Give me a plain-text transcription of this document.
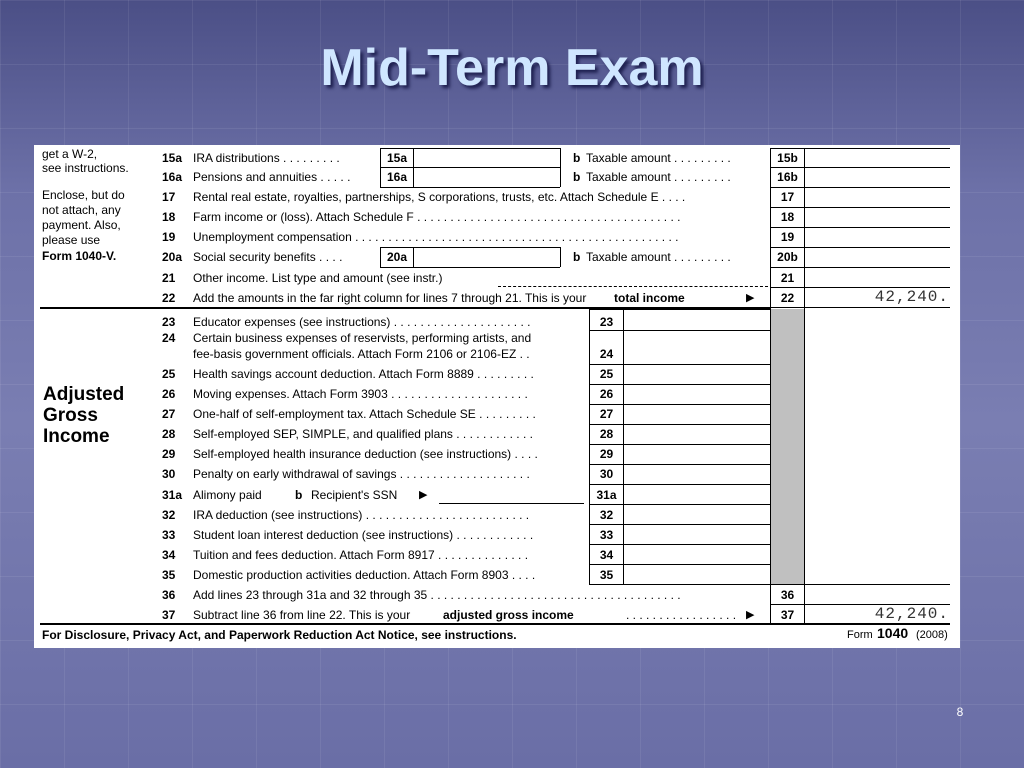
Mid-Term Exam
8
get a W-2,
see instructions.
Enclose, but do
not attach, any
payment. Also,
please use
Form 1040-V.
Adjusted
Gross
Income
15a IRA distributions . . . . . . . . .	15a	b Taxable amount . . . . . . . . .	15b
16a Pensions and annuities . . . . .	16a	b Taxable amount . . . . . . . . .	16b
17 Rental real estate, royalties, partnerships, S corporations, trusts, etc. Attach Schedule E . . . .	17
18 Farm income or (loss). Attach Schedule F . . . . . . . . . . . . . . . . . . . . . . . . . . . . . . . . . . . . . . . .	18
19 Unemployment compensation . . . . . . . . . . . . . . . . . . . . . . . . . . . . . . . . . . . . . . . . . . . . . . . . .	19
20a Social security benefits . . . .	20a	b Taxable amount . . . . . . . . .	20b
21 Other income. List type and amount (see instr.)	21
22 Add the amounts in the far right column for lines 7 through 21. This is your total income	▶	22	42,240.
23 Educator expenses (see instructions) . . . . . . . . . . . . . . . . . . . . .	23
24 Certain business expenses of reservists, performing artists, and
fee-basis government officials. Attach Form 2106 or 2106-EZ . .	24
25 Health savings account deduction. Attach Form 8889 . . . . . . . . .	25
26 Moving expenses. Attach Form 3903 . . . . . . . . . . . . . . . . . . . . .	26
27 One-half of self-employment tax. Attach Schedule SE . . . . . . . . .	27
28 Self-employed SEP, SIMPLE, and qualified plans . . . . . . . . . . . .	28
29 Self-employed health insurance deduction (see instructions) . . . .	29
30 Penalty on early withdrawal of savings . . . . . . . . . . . . . . . . . . . .	30
31a Alimony paid	b Recipient's SSN ▶	31a
32 IRA deduction (see instructions) . . . . . . . . . . . . . . . . . . . . . . . . .	32
33 Student loan interest deduction (see instructions) . . . . . . . . . . . .	33
34 Tuition and fees deduction. Attach Form 8917 . . . . . . . . . . . . . .	34
35 Domestic production activities deduction. Attach Form 8903 . . . .	35
36 Add lines 23 through 31a and 32 through 35 . . . . . . . . . . . . . . . . . . . . . . . . . . . . . . . . . . . . . .	36
37 Subtract line 36 from line 22. This is your	adjusted gross income	. . . . . . . . . . . . . . . . . ▶	37	42,240.
For Disclosure, Privacy Act, and Paperwork Reduction Act Notice, see instructions.	Form 1040 (2008)
